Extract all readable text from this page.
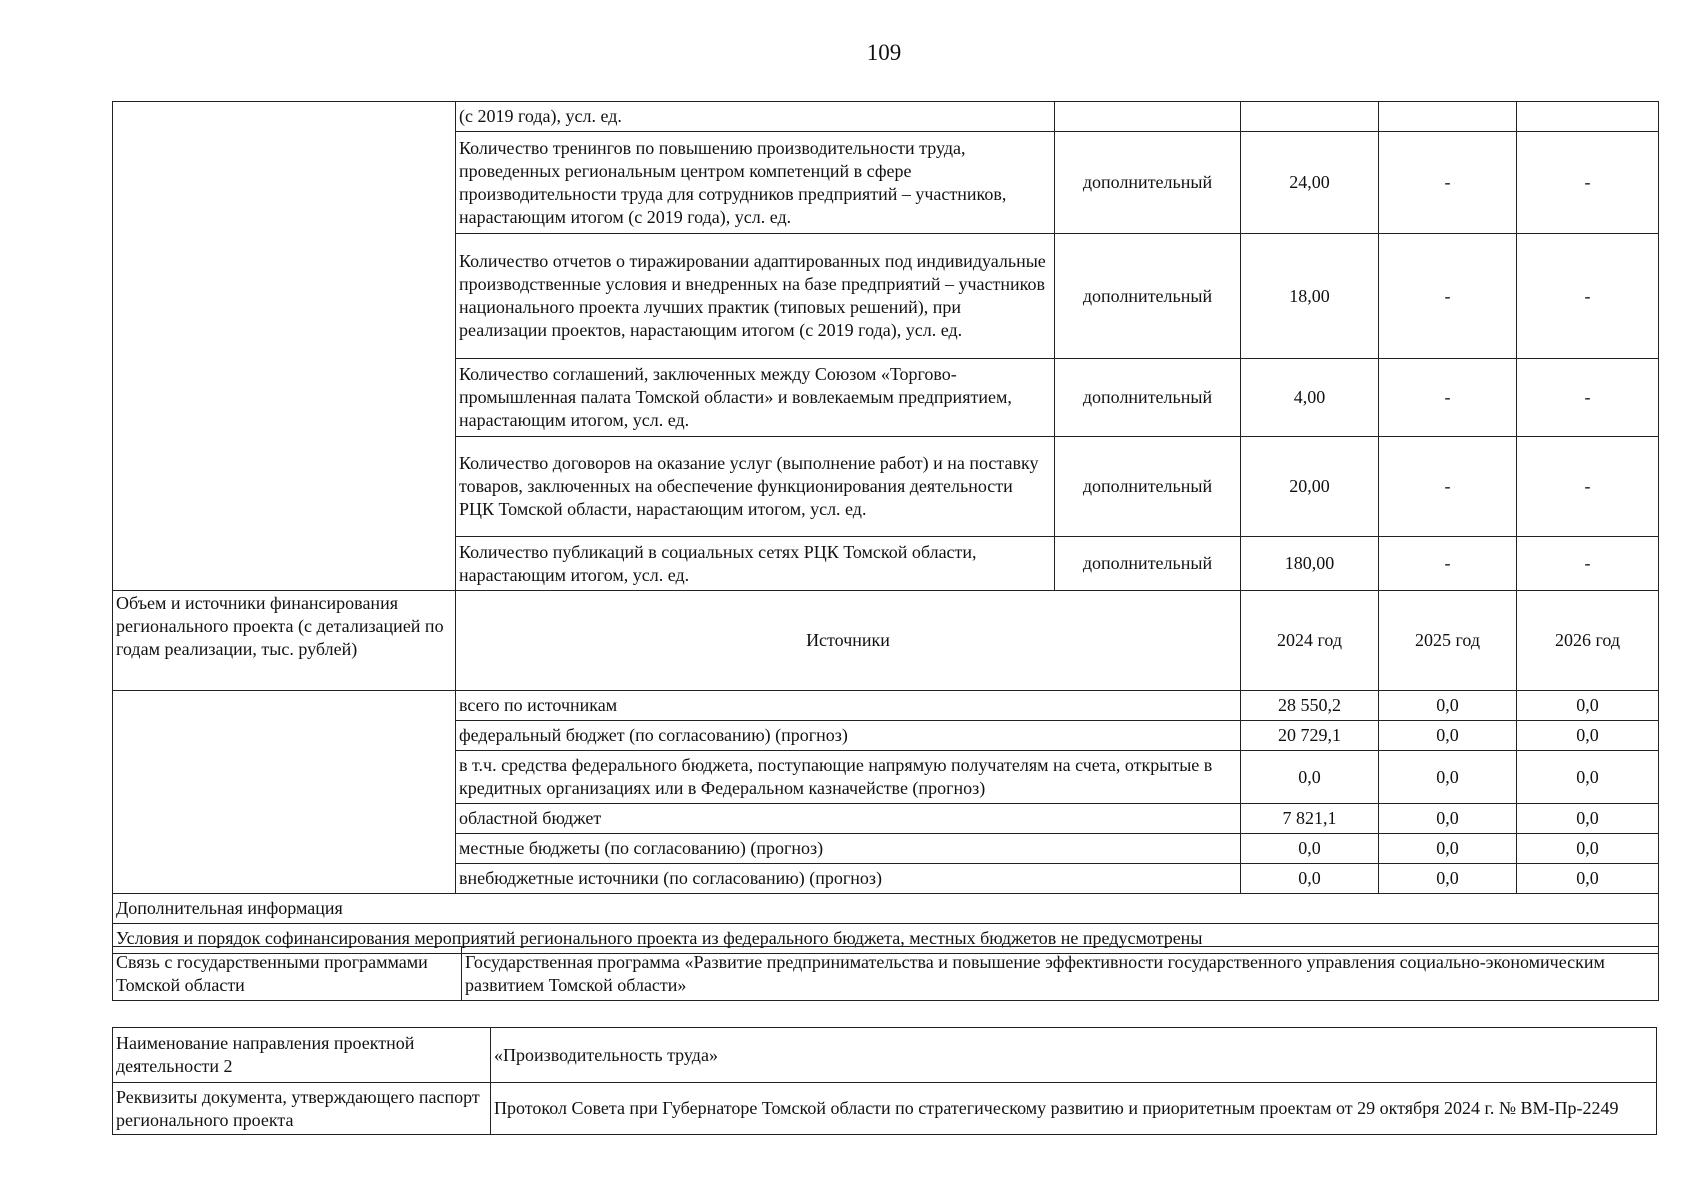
109
	(с 2019 года), усл. ед.				
	Количество тренингов по повышению производительности труда, проведенных региональным центром компетенций в сфере производительности труда для сотрудников предприятий – участников, нарастающим итогом (с 2019 года), усл. ед.	дополнительный	24,00	-	-
	Количество отчетов о тиражировании адаптированных под индивидуальные производственные условия и внедренных на базе предприятий – участников национального проекта лучших практик (типовых решений), при реализации проектов, нарастающим итогом (с 2019 года), усл. ед.	дополнительный	18,00	-	-
	Количество соглашений, заключенных между Союзом «Торгово-промышленная палата Томской области» и вовлекаемым предприятием, нарастающим итогом, усл. ед.	дополнительный	4,00	-	-
	Количество договоров на оказание услуг (выполнение работ) и на поставку товаров, заключенных на обеспечение функционирования деятельности РЦК Томской области, нарастающим итогом, усл. ед.	дополнительный	20,00	-	-
	Количество публикаций в социальных сетях РЦК Томской области, нарастающим итогом, усл. ед.	дополнительный	180,00	-	-
Объем и источники финансирования регионального проекта (с детализацией по годам реализации, тыс. рублей)	Источники		2024 год	2025 год	2026 год
	всего по источникам		28 550,2	0,0	0,0
	федеральный бюджет (по согласованию) (прогноз)		20 729,1	0,0	0,0
	в т.ч. средства федерального бюджета, поступающие напрямую получателям на счета, открытые в кредитных организациях или в Федеральном казначействе (прогноз)		0,0	0,0	0,0
	областной бюджет		7 821,1	0,0	0,0
	местные бюджеты (по согласованию) (прогноз)		0,0	0,0	0,0
	внебюджетные источники (по согласованию) (прогноз)		0,0	0,0	0,0
Дополнительная информация					
Условия и порядок софинансирования мероприятий регионального проекта из федерального бюджета, местных бюджетов не предусмотрены					
Связь с государственными программами Томской области	Государственная программа «Развитие предпринимательства и повышение эффективности государственного управления социально-экономическим развитием Томской области»
Наименование направления проектной деятельности 2	«Производительность труда»
Реквизиты документа, утверждающего паспорт регионального проекта	Протокол Совета при Губернаторе Томской области по стратегическому развитию и приоритетным проектам от 29 октября 2024 г. № ВМ-Пр-2249
